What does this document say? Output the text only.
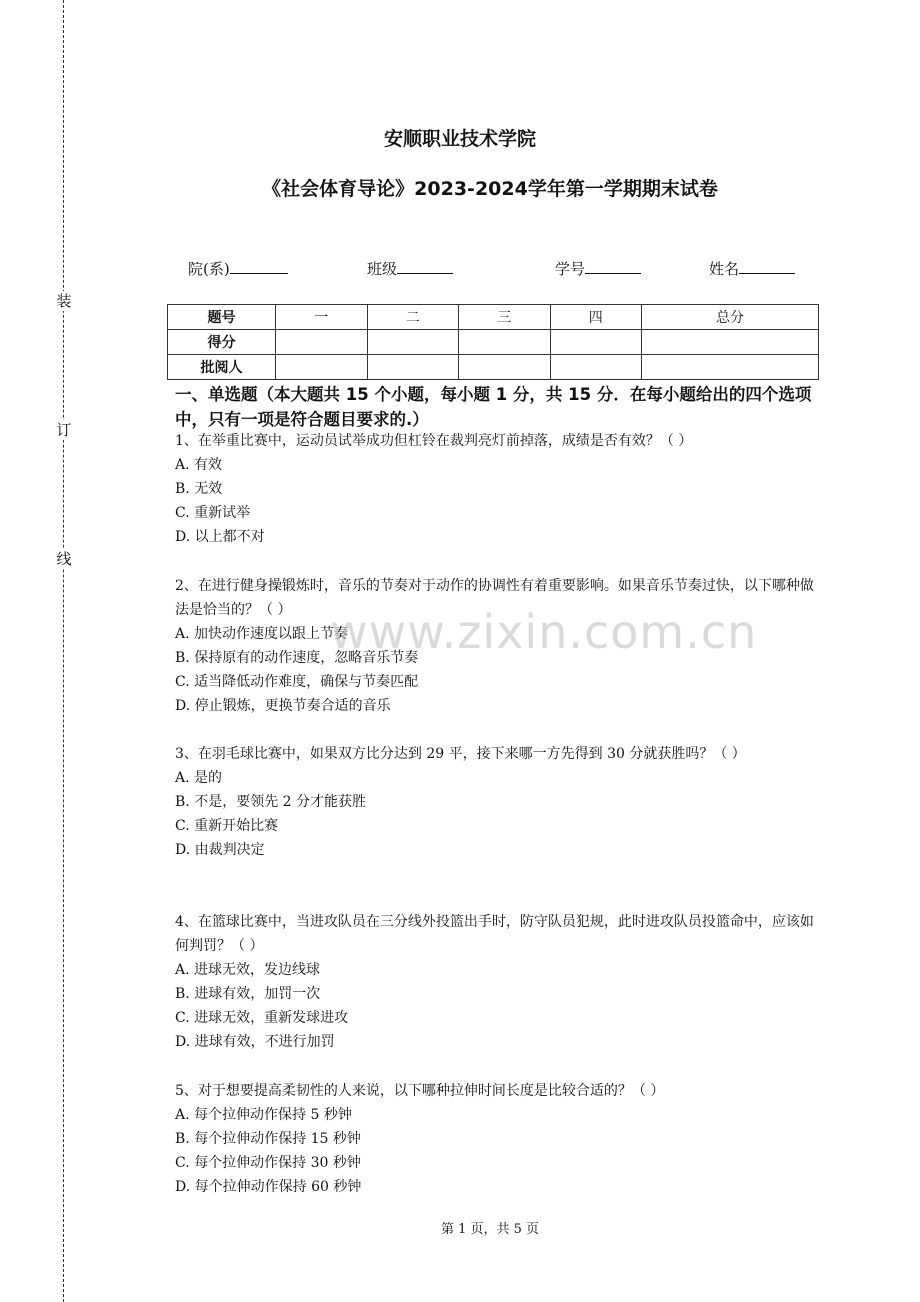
装
订
线
安顺职业技术学院
《社会体育导论》2023-2024学年第一学期期末试卷
院(系)	班级	学号	姓名
题号	一	二	三	四	总分
得分					
批阅人					
一、单选题（本大题共 15 个小题，每小题 1 分，共 15 分．在每小题给出的四个选项中，只有一项是符合题目要求的.）
1、在举重比赛中，运动员试举成功但杠铃在裁判亮灯前掉落，成绩是否有效？（ ）
A. 有效
B. 无效
C. 重新试举
D. 以上都不对
2、在进行健身操锻炼时，音乐的节奏对于动作的协调性有着重要影响。如果音乐节奏过快，以下哪种做法是恰当的？（ ）
A. 加快动作速度以跟上节奏
B. 保持原有的动作速度，忽略音乐节奏
C. 适当降低动作难度，确保与节奏匹配
D. 停止锻炼，更换节奏合适的音乐
3、在羽毛球比赛中，如果双方比分达到 29 平，接下来哪一方先得到 30 分就获胜吗？（ ）
A. 是的
B. 不是，要领先 2 分才能获胜
C. 重新开始比赛
D. 由裁判决定
4、在篮球比赛中，当进攻队员在三分线外投篮出手时，防守队员犯规，此时进攻队员投篮命中，应该如何判罚？（ ）
A. 进球无效，发边线球
B. 进球有效，加罚一次
C. 进球无效，重新发球进攻
D. 进球有效，不进行加罚
5、对于想要提高柔韧性的人来说，以下哪种拉伸时间长度是比较合适的？（ ）
A. 每个拉伸动作保持 5 秒钟
B. 每个拉伸动作保持 15 秒钟
C. 每个拉伸动作保持 30 秒钟
D. 每个拉伸动作保持 60 秒钟
www.zixin.com.cn
第 1 页，共 5 页
